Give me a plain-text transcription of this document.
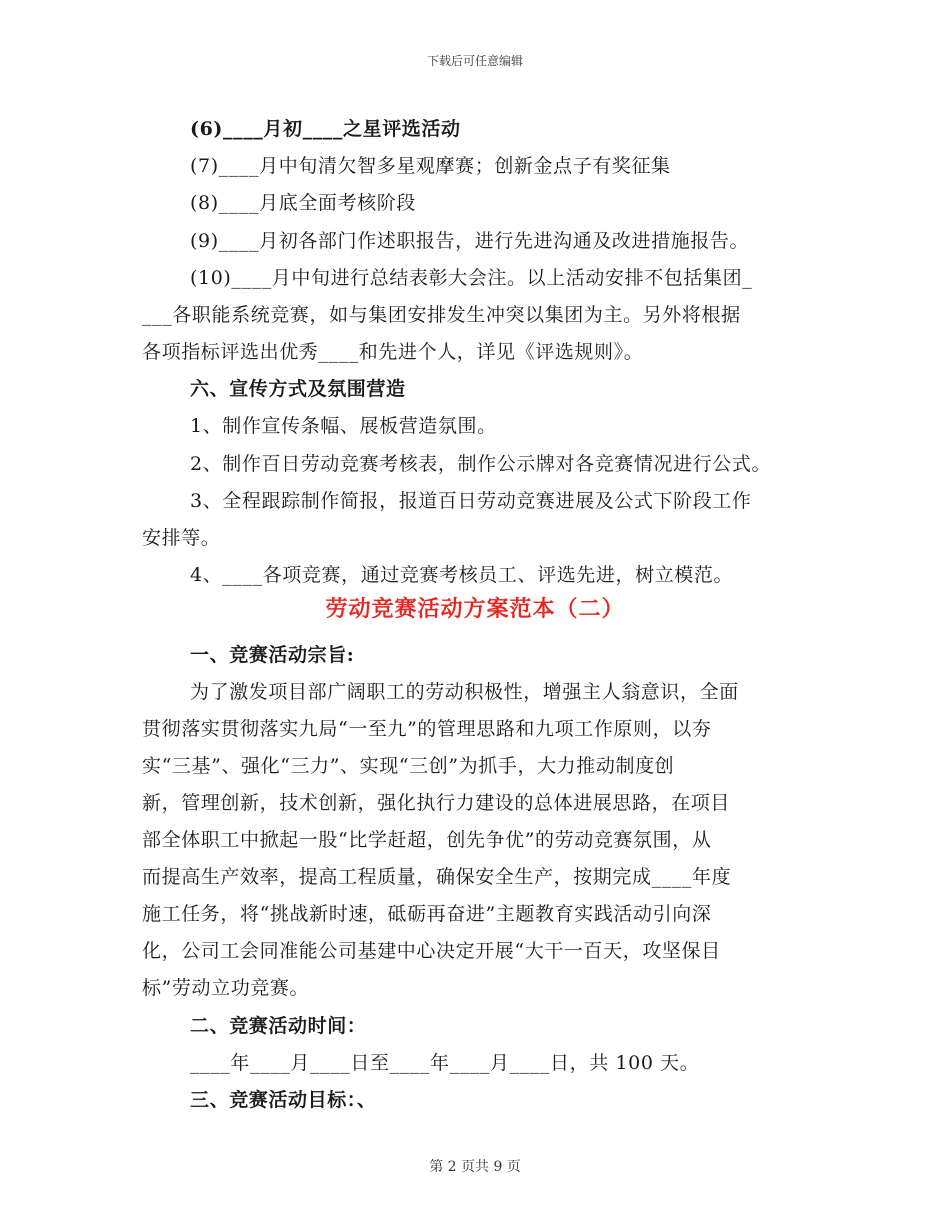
下载后可任意编辑
(6)____月初____之星评选活动
(7)____月中旬清欠智多星观摩赛；创新金点子有奖征集
(8)____月底全面考核阶段
(9)____月初各部门作述职报告，进行先进沟通及改进措施报告。
(10)____月中旬进行总结表彰大会注。以上活动安排不包括集团_
___各职能系统竞赛，如与集团安排发生冲突以集团为主。另外将根据
各项指标评选出优秀____和先进个人，详见《评选规则》。
六、宣传方式及氛围营造
1、制作宣传条幅、展板营造氛围。
2、制作百日劳动竞赛考核表，制作公示牌对各竞赛情况进行公式。
3、全程跟踪制作简报，报道百日劳动竞赛进展及公式下阶段工作
安排等。
4、____各项竞赛，通过竞赛考核员工、评选先进，树立模范。
劳动竞赛活动方案范本（二）
一、竞赛活动宗旨:
为了激发项目部广阔职工的劳动积极性，增强主人翁意识，全面
贯彻落实贯彻落实九局“一至九”的管理思路和九项工作原则，以夯
实“三基”、强化“三力”、实现“三创”为抓手，大力推动制度创
新，管理创新，技术创新，强化执行力建设的总体进展思路，在项目
部全体职工中掀起一股“比学赶超，创先争优”的劳动竞赛氛围，从
而提高生产效率，提高工程质量，确保安全生产，按期完成____年度
施工任务，将“挑战新时速，砥砺再奋进”主题教育实践活动引向深
化，公司工会同准能公司基建中心决定开展“大干一百天，攻坚保目
标”劳动立功竞赛。
二、竞赛活动时间：
____年____月____日至____年____月____日，共 100 天。
三、竞赛活动目标：、
第 2 页共 9 页
